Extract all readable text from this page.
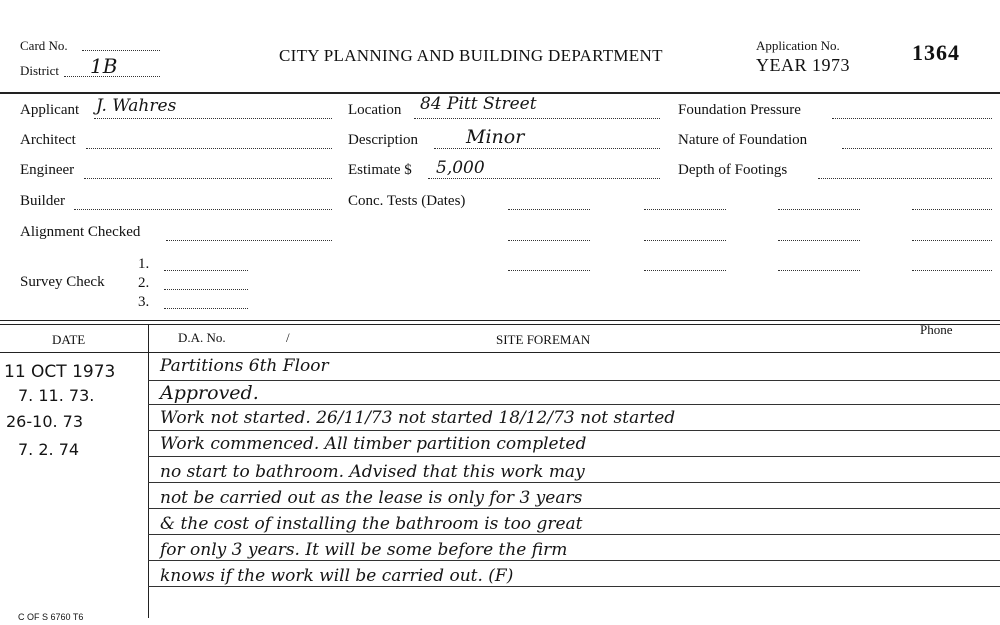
Card No.
District 1B	CITY PLANNING AND BUILDING DEPARTMENT
Application No.
YEAR 1973	1364
Applicant J. Wahres
Architect
Engineer
Builder
Alignment Checked
Survey Check
1.
2.
3.
Location 84 Pitt Street
Description	Minor
Estimate $ 5,000
Conc. Tests (Dates)
Foundation Pressure
Nature of Foundation
Depth of Footings
DATE	D.A. No.	/	SITE FOREMAN
Phone
11 OCT 1973	Partitions 6th Floor
7. 11. 73.	Approved.
26-10. 73	Work not started. 26/11/73 not started 18/12/73 not started
7. 2. 74	Work commenced. All timber partition completed
no start to bathroom. Advised that this work may
not be carried out as the lease is only for 3 years
& the cost of installing the bathroom is too great
for only 3 years. It will be some before the firm
knows if the work will be carried out. (F)
C OF S 6760 T6
